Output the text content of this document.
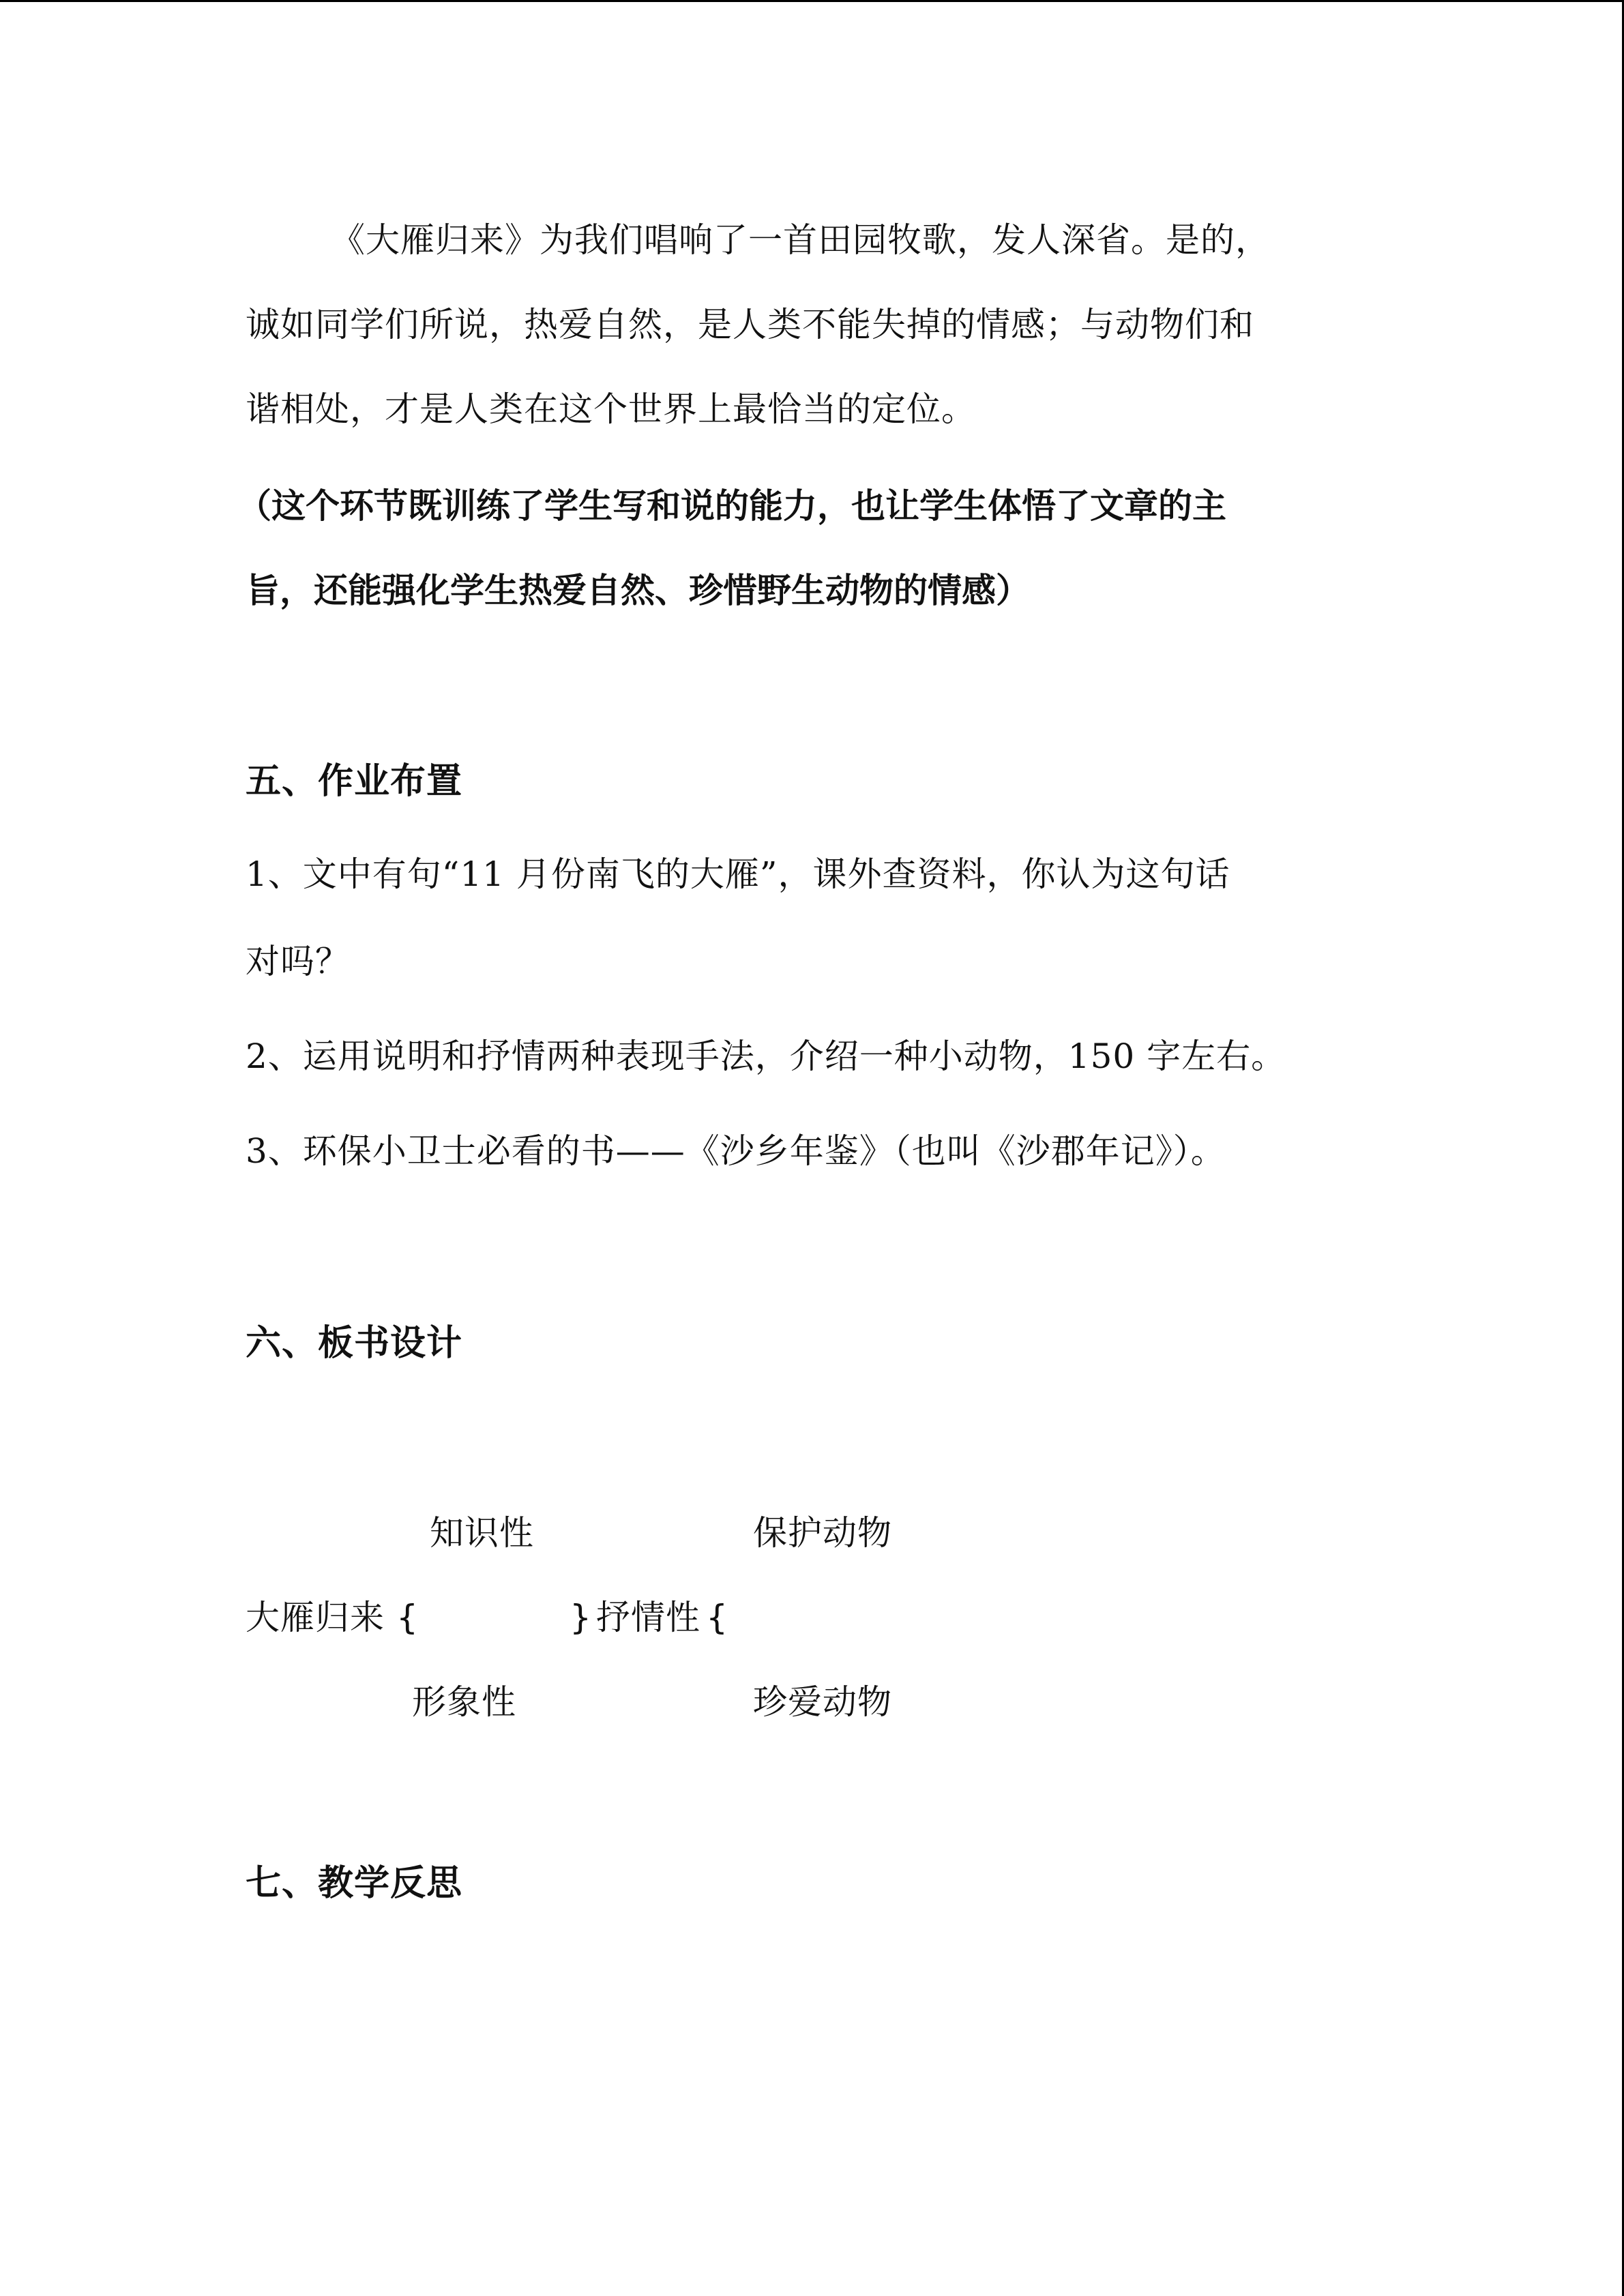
《大雁归来》为我们唱响了一首田园牧歌，发人深省。是的，
诚如同学们所说，热爱自然，是人类不能失掉的情感；与动物们和
谐相处，才是人类在这个世界上最恰当的定位。
（这个环节既训练了学生写和说的能力，也让学生体悟了文章的主
旨，还能强化学生热爱自然、珍惜野生动物的情感）
五、作业布置
1、文中有句“11 月份南飞的大雁”，课外查资料，你认为这句话
对吗？
2、运用说明和抒情两种表现手法，介绍一种小动物，150 字左右。
3、环保小卫士必看的书——《沙乡年鉴》（也叫《沙郡年记》）。
六、板书设计
知识性	保护动物
大雁归来 {	} 抒情性 {
形象性	珍爱动物
七、教学反思
